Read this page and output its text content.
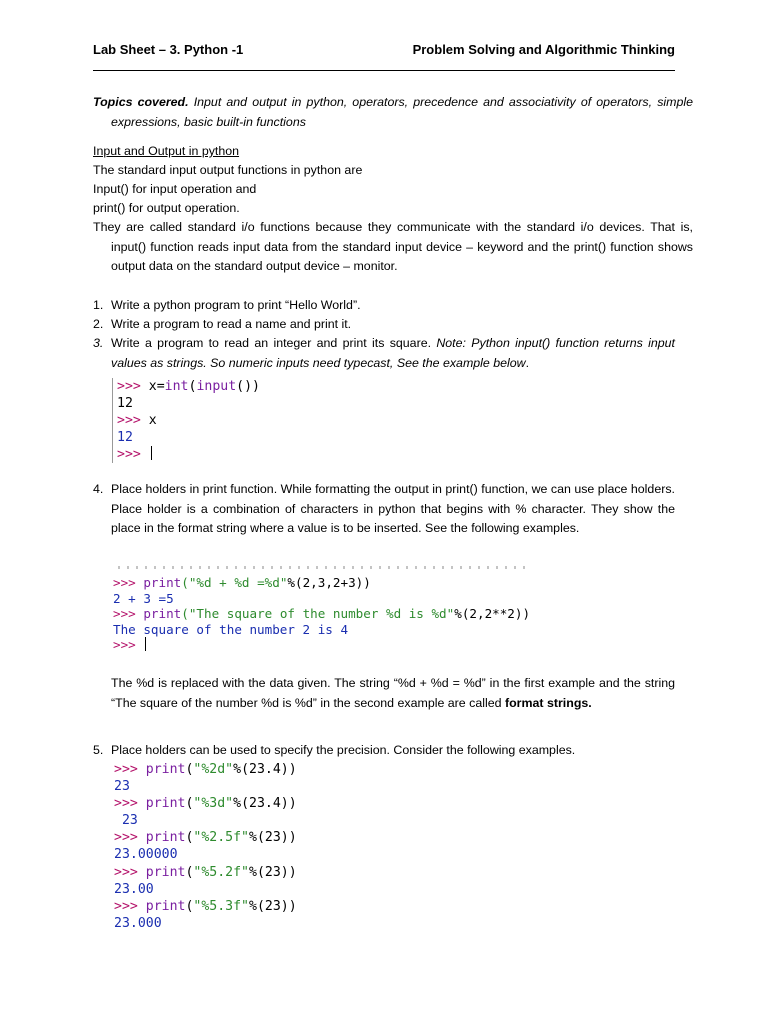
Lab Sheet – 3. Python -1	Problem Solving and Algorithmic Thinking
Topics covered. Input and output in python, operators, precedence and associativity of operators, simple expressions, basic built-in functions
Input and Output in python
The standard input output functions in python are
Input() for input operation and
print() for output operation.
They are called standard i/o functions because they communicate with the standard i/o devices. That is, input() function reads input data from the standard input device – keyword and the print() function shows output data on the standard output device – monitor.
1. Write a python program to print “Hello World”.
2. Write a program to read a name and print it.
3. Write a program to read an integer and print its square. Note: Python input() function returns input values as strings. So numeric inputs need typecast, See the example below.
>>> x=int(input())
12
>>> x
12
>>>
4. Place holders in print function. While formatting the output in print() function, we can use place holders. Place holder is a combination of characters in python that begins with % character. They show the place in the format string where a value is to be inserted. See the following examples.
>>> print("%d + %d =%d"%(2,3,2+3))
2 + 3 =5
>>> print("The square of the number %d is %d"%(2,2**2))
The square of the number 2 is 4
>>>
The %d is replaced with the data given. The string “%d + %d = %d” in the first example and the string “The square of the number %d is %d” in the second example are called format strings.
5. Place holders can be used to specify the precision. Consider the following examples.
>>> print("%2d"%(23.4))
23
>>> print("%3d"%(23.4))
23
>>> print("%2.5f"%(23))
23.00000
>>> print("%5.2f"%(23))
23.00
>>> print("%5.3f"%(23))
23.000
